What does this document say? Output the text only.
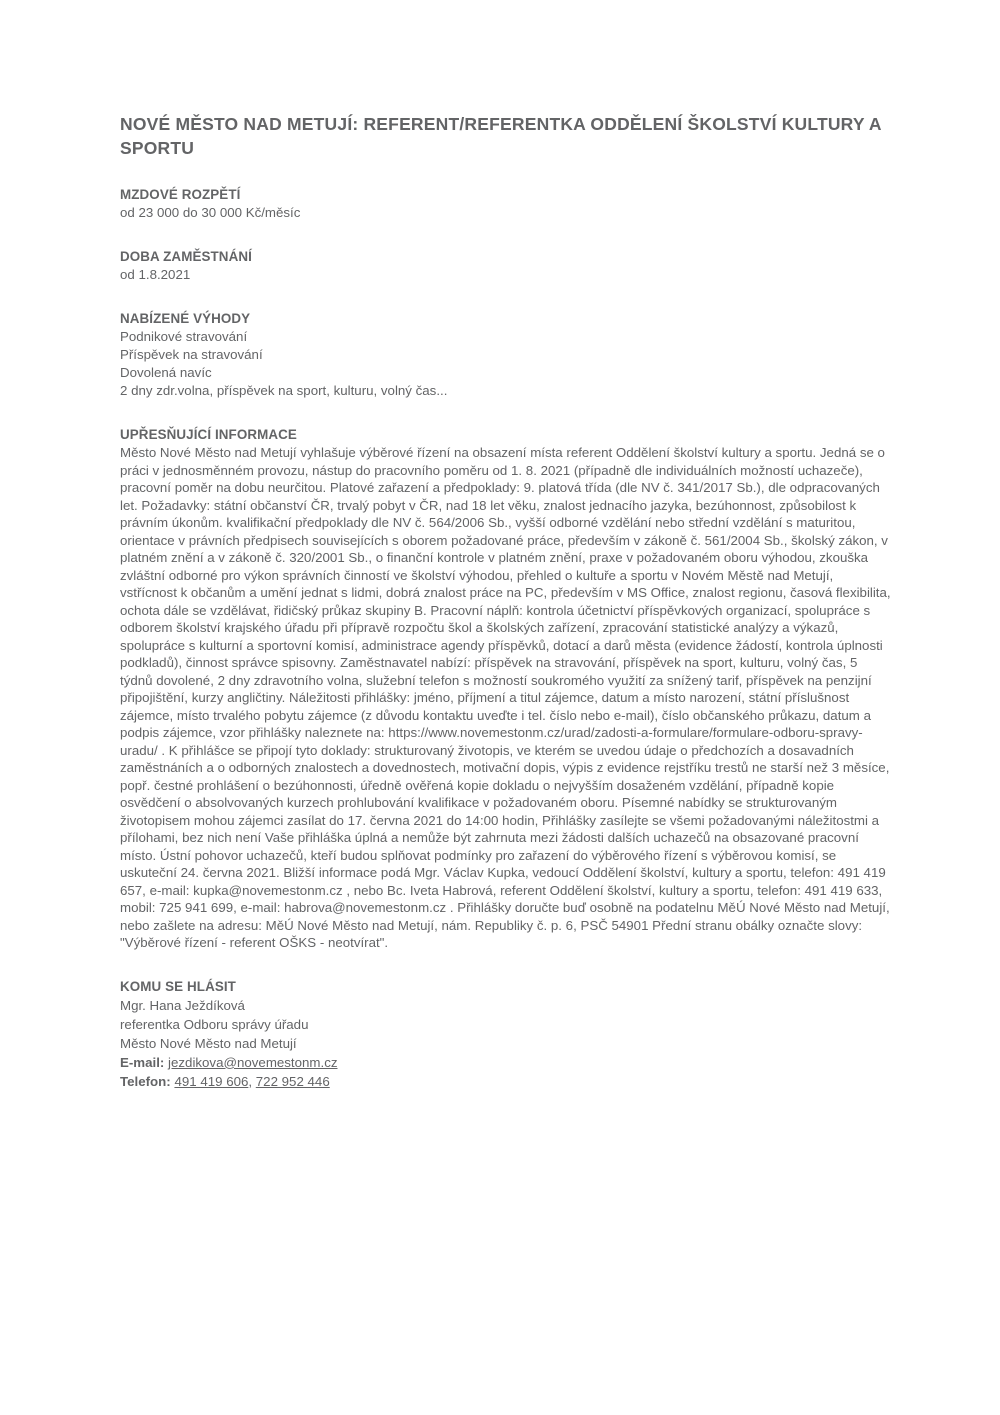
NOVÉ MĚSTO NAD METUJÍ: REFERENT/REFERENTKA ODDĚLENÍ ŠKOLSTVÍ KULTURY A SPORTU
MZDOVÉ ROZPĚTÍ
od 23 000 do 30 000 Kč/měsíc
DOBA ZAMĚSTNÁNÍ
od 1.8.2021
NABÍZENÉ VÝHODY
Podnikové stravování
Příspěvek na stravování
Dovolená navíc
2 dny zdr.volna, příspěvek na sport, kulturu, volný čas...
UPŘESŇUJÍCÍ INFORMACE
Město Nové Město nad Metují vyhlašuje výběrové řízení na obsazení místa referent Oddělení školství kultury a sportu. Jedná se o práci v jednosměnném provozu, nástup do pracovního poměru od 1. 8. 2021 (případně dle individuálních možností uchazeče), pracovní poměr na dobu neurčitou. Platové zařazení a předpoklady: 9. platová třída (dle NV č. 341/2017 Sb.), dle odpracovaných let. Požadavky: státní občanství ČR, trvalý pobyt v ČR, nad 18 let věku, znalost jednacího jazyka, bezúhonnost, způsobilost k právním úkonům. kvalifikační předpoklady dle NV č. 564/2006 Sb., vyšší odborné vzdělání nebo střední vzdělání s maturitou, orientace v právních předpisech souvisejících s oborem požadované práce, především v zákoně č. 561/2004 Sb., školský zákon, v platném znění a v zákoně č. 320/2001 Sb., o finanční kontrole v platném znění, praxe v požadovaném oboru výhodou, zkouška zvláštní odborné pro výkon správních činností ve školství výhodou, přehled o kultuře a sportu v Novém Městě nad Metují, vstřícnost k občanům a umění jednat s lidmi, dobrá znalost práce na PC, především v MS Office, znalost regionu, časová flexibilita, ochota dále se vzdělávat, řidičský průkaz skupiny B. Pracovní náplň: kontrola účetnictví příspěvkových organizací, spolupráce s odborem školství krajského úřadu při přípravě rozpočtu škol a školských zařízení, zpracování statistické analýzy a výkazů, spolupráce s kulturní a sportovní komisí, administrace agendy příspěvků, dotací a darů města (evidence žádostí, kontrola úplnosti podkladů), činnost správce spisovny. Zaměstnavatel nabízí: příspěvek na stravování, příspěvek na sport, kulturu, volný čas, 5 týdnů dovolené, 2 dny zdravotního volna, služební telefon s možností soukromého využití za snížený tarif, příspěvek na penzijní připojištění, kurzy angličtiny. Náležitosti přihlášky: jméno, příjmení a titul zájemce, datum a místo narození, státní příslušnost zájemce, místo trvalého pobytu zájemce (z důvodu kontaktu uveďte i tel. číslo nebo e-mail), číslo občanského průkazu, datum a podpis zájemce, vzor přihlášky naleznete na: https://www.novemestonm.cz/urad/zadosti-a-formulare/formulare-odboru-spravy-uradu/ . K přihlášce se připojí tyto doklady: strukturovaný životopis, ve kterém se uvedou údaje o předchozích a dosavadních zaměstnáních a o odborných znalostech a dovednostech, motivační dopis, výpis z evidence rejstříku trestů ne starší než 3 měsíce, popř. čestné prohlášení o bezúhonnosti, úředně ověřená kopie dokladu o nejvyšším dosaženém vzdělání, případně kopie osvědčení o absolvovaných kurzech prohlubování kvalifikace v požadovaném oboru. Písemné nabídky se strukturovaným životopisem mohou zájemci zasílat do 17. června 2021 do 14:00 hodin, Přihlášky zasílejte se všemi požadovanými náležitostmi a přílohami, bez nich není Vaše přihláška úplná a nemůže být zahrnuta mezi žádosti dalších uchazečů na obsazované pracovní místo. Ústní pohovor uchazečů, kteří budou splňovat podmínky pro zařazení do výběrového řízení s výběrovou komisí, se uskuteční 24. června 2021. Bližší informace podá Mgr. Václav Kupka, vedoucí Oddělení školství, kultury a sportu, telefon: 491 419 657, e-mail: kupka@novemestonm.cz , nebo Bc. Iveta Habrová, referent Oddělení školství, kultury a sportu, telefon: 491 419 633, mobil: 725 941 699, e-mail: habrova@novemestonm.cz . Přihlášky doručte buď osobně na podatelnu MěÚ Nové Město nad Metují, nebo zašlete na adresu: MěÚ Nové Město nad Metují, nám. Republiky č. p. 6, PSČ 54901 Přední stranu obálky označte slovy: "Výběrové řízení - referent OŠKS - neotvírat".
KOMU SE HLÁSIT
Mgr. Hana Ježdíková
referentka Odboru správy úřadu
Město Nové Město nad Metují
E-mail: jezdikova@novemestonm.cz
Telefon: 491 419 606, 722 952 446
